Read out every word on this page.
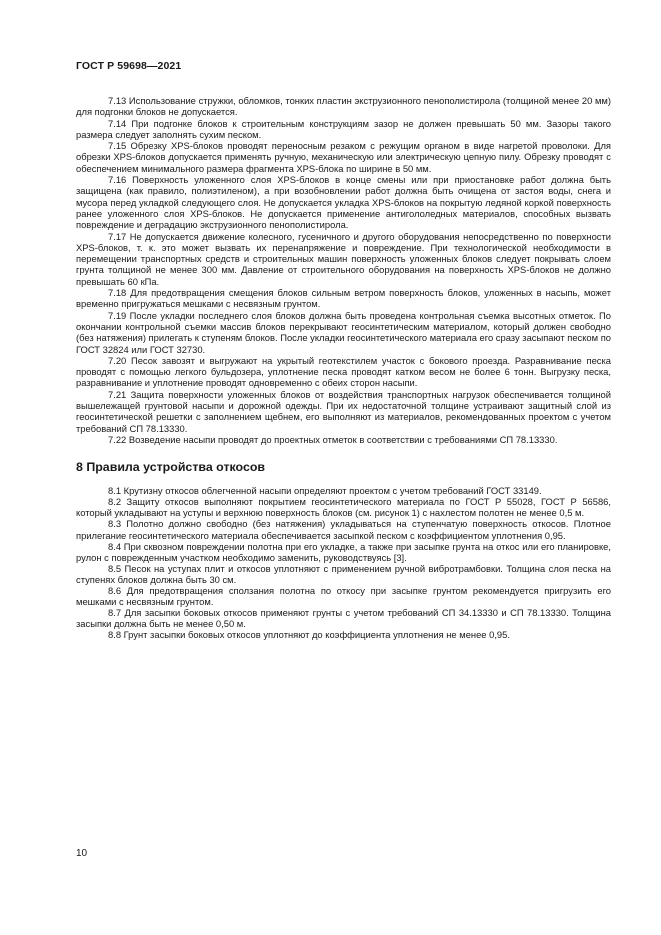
ГОСТ Р 59698—2021

7.13 Использование стружки, обломков, тонких пластин экструзионного пенополистирола (толщиной менее 20 мм) для подгонки блоков не допускается.

7.14 При подгонке блоков к строительным конструкциям зазор не должен превышать 50 мм. Зазоры такого размера следует заполнять сухим песком.

7.15 Обрезку XPS-блоков проводят переносным резаком с режущим органом в виде нагретой проволоки. Для обрезки XPS-блоков допускается применять ручную, механическую или электрическую цепную пилу. Обрезку проводят с обеспечением минимального размера фрагмента XPS-блока по ширине в 50 мм.

7.16 Поверхность уложенного слоя XPS-блоков в конце смены или при приостановке работ должна быть защищена (как правило, полиэтиленом), а при возобновлении работ должна быть очищена от застоя воды, снега и мусора перед укладкой следующего слоя. Не допускается укладка XPS-блоков на покрытую ледяной коркой поверхность ранее уложенного слоя XPS-блоков. Не допускается применение антигололедных материалов, способных вызвать повреждение и деградацию экструзионного пенополистирола.

7.17 Не допускается движение колесного, гусеничного и другого оборудования непосредственно по поверхности XPS-блоков, т. к. это может вызвать их перенапряжение и повреждение. При технологической необходимости в перемещении транспортных средств и строительных машин поверхность уложенных блоков следует покрывать слоем грунта толщиной не менее 300 мм. Давление от строительного оборудования на поверхность XPS-блоков не должно превышать 60 кПа.

7.18 Для предотвращения смещения блоков сильным ветром поверхность блоков, уложенных в насыпь, может временно пригружаться мешками с несвязным грунтом.

7.19 После укладки последнего слоя блоков должна быть проведена контрольная съемка высотных отметок. По окончании контрольной съемки массив блоков перекрывают геосинтетическим материалом, который должен свободно (без натяжения) прилегать к ступеням блоков. После укладки геосинтетического материала его сразу засыпают песком по ГОСТ 32824 или ГОСТ 32730.

7.20 Песок завозят и выгружают на укрытый геотекстилем участок с бокового проезда. Разравнивание песка проводят с помощью легкого бульдозера, уплотнение песка проводят катком весом не более 6 тонн. Выгрузку песка, разравнивание и уплотнение проводят одновременно с обеих сторон насыпи.

7.21 Защита поверхности уложенных блоков от воздействия транспортных нагрузок обеспечивается толщиной вышележащей грунтовой насыпи и дорожной одежды. При их недостаточной толщине устраивают защитный слой из геосинтетической решетки с заполнением щебнем, его выполняют из материалов, рекомендованных проектом с учетом требований СП 78.13330.

7.22 Возведение насыпи проводят до проектных отметок в соответствии с требованиями СП 78.13330.

8 Правила устройства откосов

8.1 Крутизну откосов облегченной насыпи определяют проектом с учетом требований ГОСТ 33149.

8.2 Защиту откосов выполняют покрытием геосинтетического материала по ГОСТ Р 55028, ГОСТ Р 56586, который укладывают на уступы и верхнюю поверхность блоков (см. рисунок 1) с нахлестом полотен не менее 0,5 м.

8.3 Полотно должно свободно (без натяжения) укладываться на ступенчатую поверхность откосов. Плотное прилегание геосинтетического материала обеспечивается засыпкой песком с коэффициентом уплотнения 0,95.

8.4 При сквозном повреждении полотна при его укладке, а также при засыпке грунта на откос или его планировке, рулон с поврежденным участком необходимо заменить, руководствуясь [3].

8.5 Песок на уступах плит и откосов уплотняют с применением ручной вибротрамбовки. Толщина слоя песка на ступенях блоков должна быть 30 см.

8.6 Для предотвращения сползания полотна по откосу при засыпке грунтом рекомендуется пригрузить его мешками с несвязным грунтом.

8.7 Для засыпки боковых откосов применяют грунты с учетом требований СП 34.13330 и СП 78.13330. Толщина засыпки должна быть не менее 0,50 м.

8.8 Грунт засыпки боковых откосов уплотняют до коэффициента уплотнения не менее 0,95.

10
